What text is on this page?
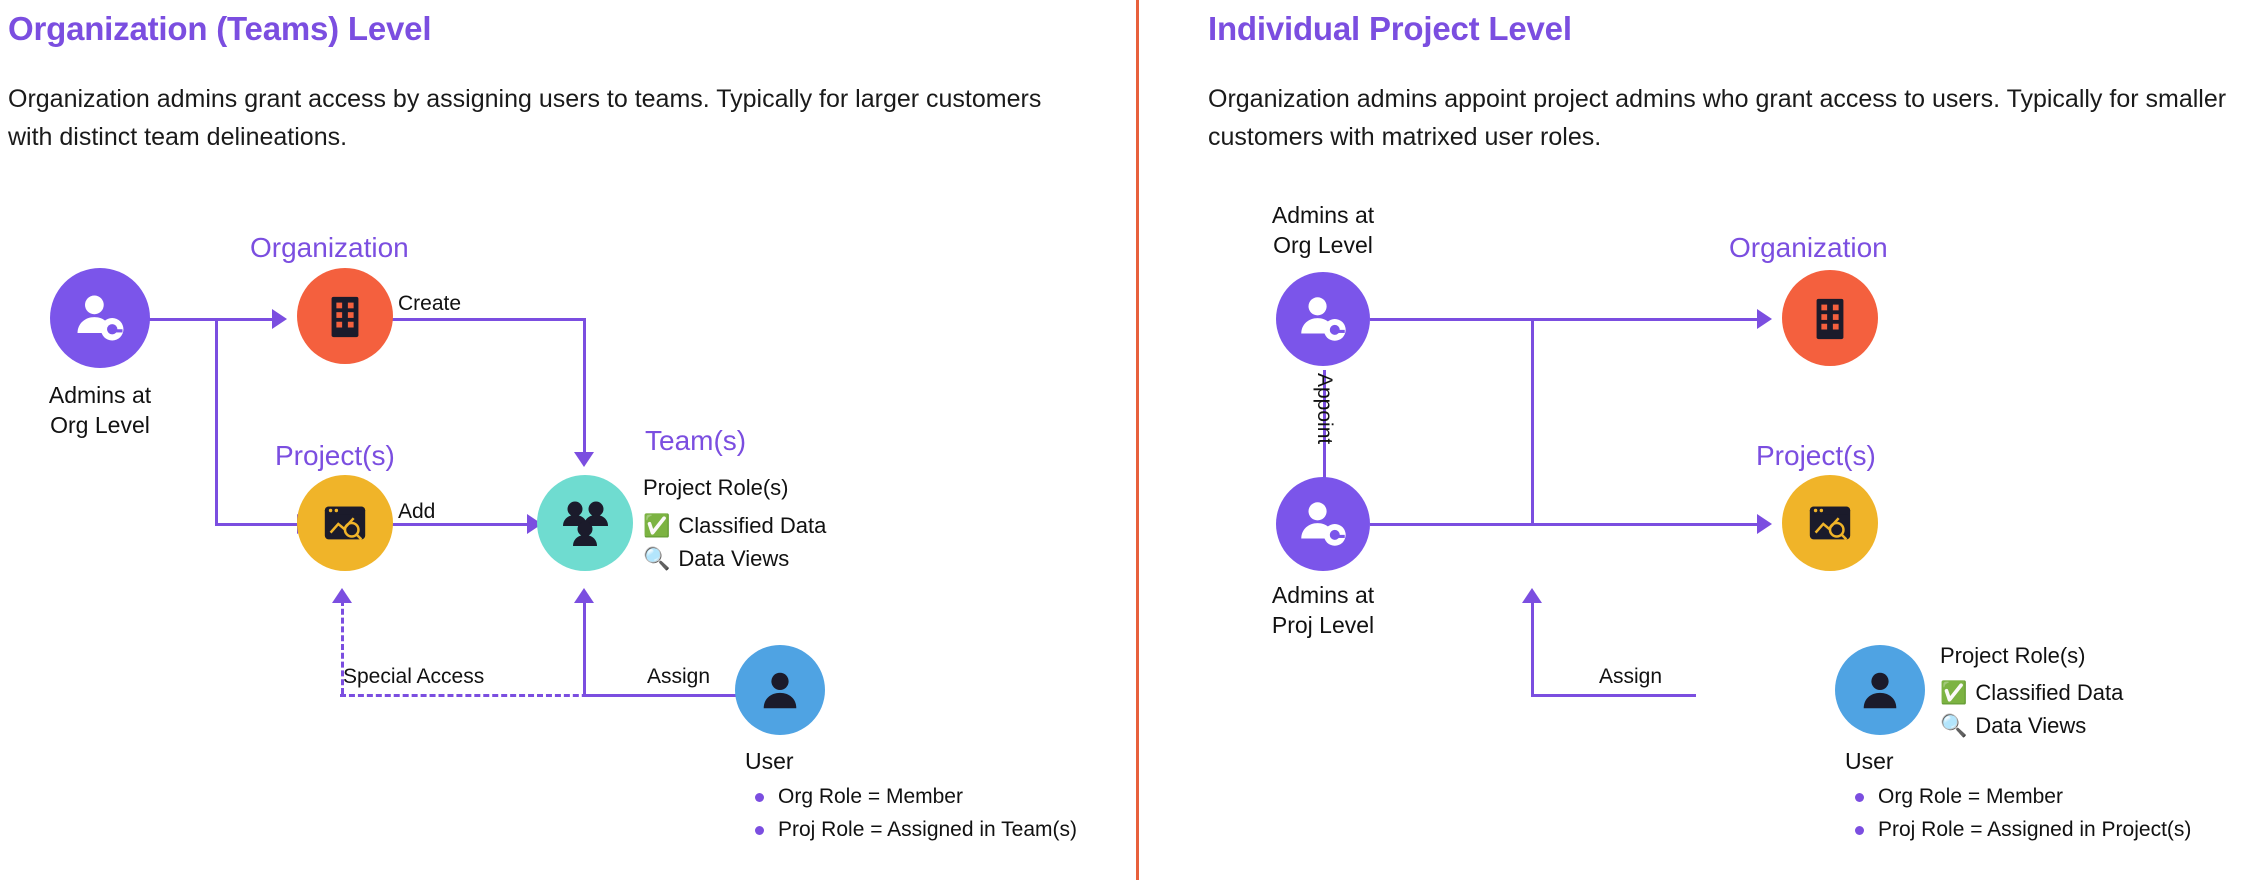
Organization (Teams) Level
Organization admins grant access by assigning users to teams. Typically for larger customers with distinct team delineations.
Admins at
Org Level
Organization
Create
Project(s)
Add
Team(s)
Project Role(s)
✅ Classified Data
🔍 Data Views
User
Assign
Special Access
Org Role = Member
Proj Role = Assigned in Team(s)
Individual Project Level
Organization admins appoint project admins who grant access to users. Typically for smaller customers with matrixed user roles.
Admins at
Org Level
Appoint
Admins at
Proj Level
Organization
Project(s)
User
Assign
Project Role(s)
✅ Classified Data
🔍 Data Views
Org Role = Member
Proj Role = Assigned in Project(s)
